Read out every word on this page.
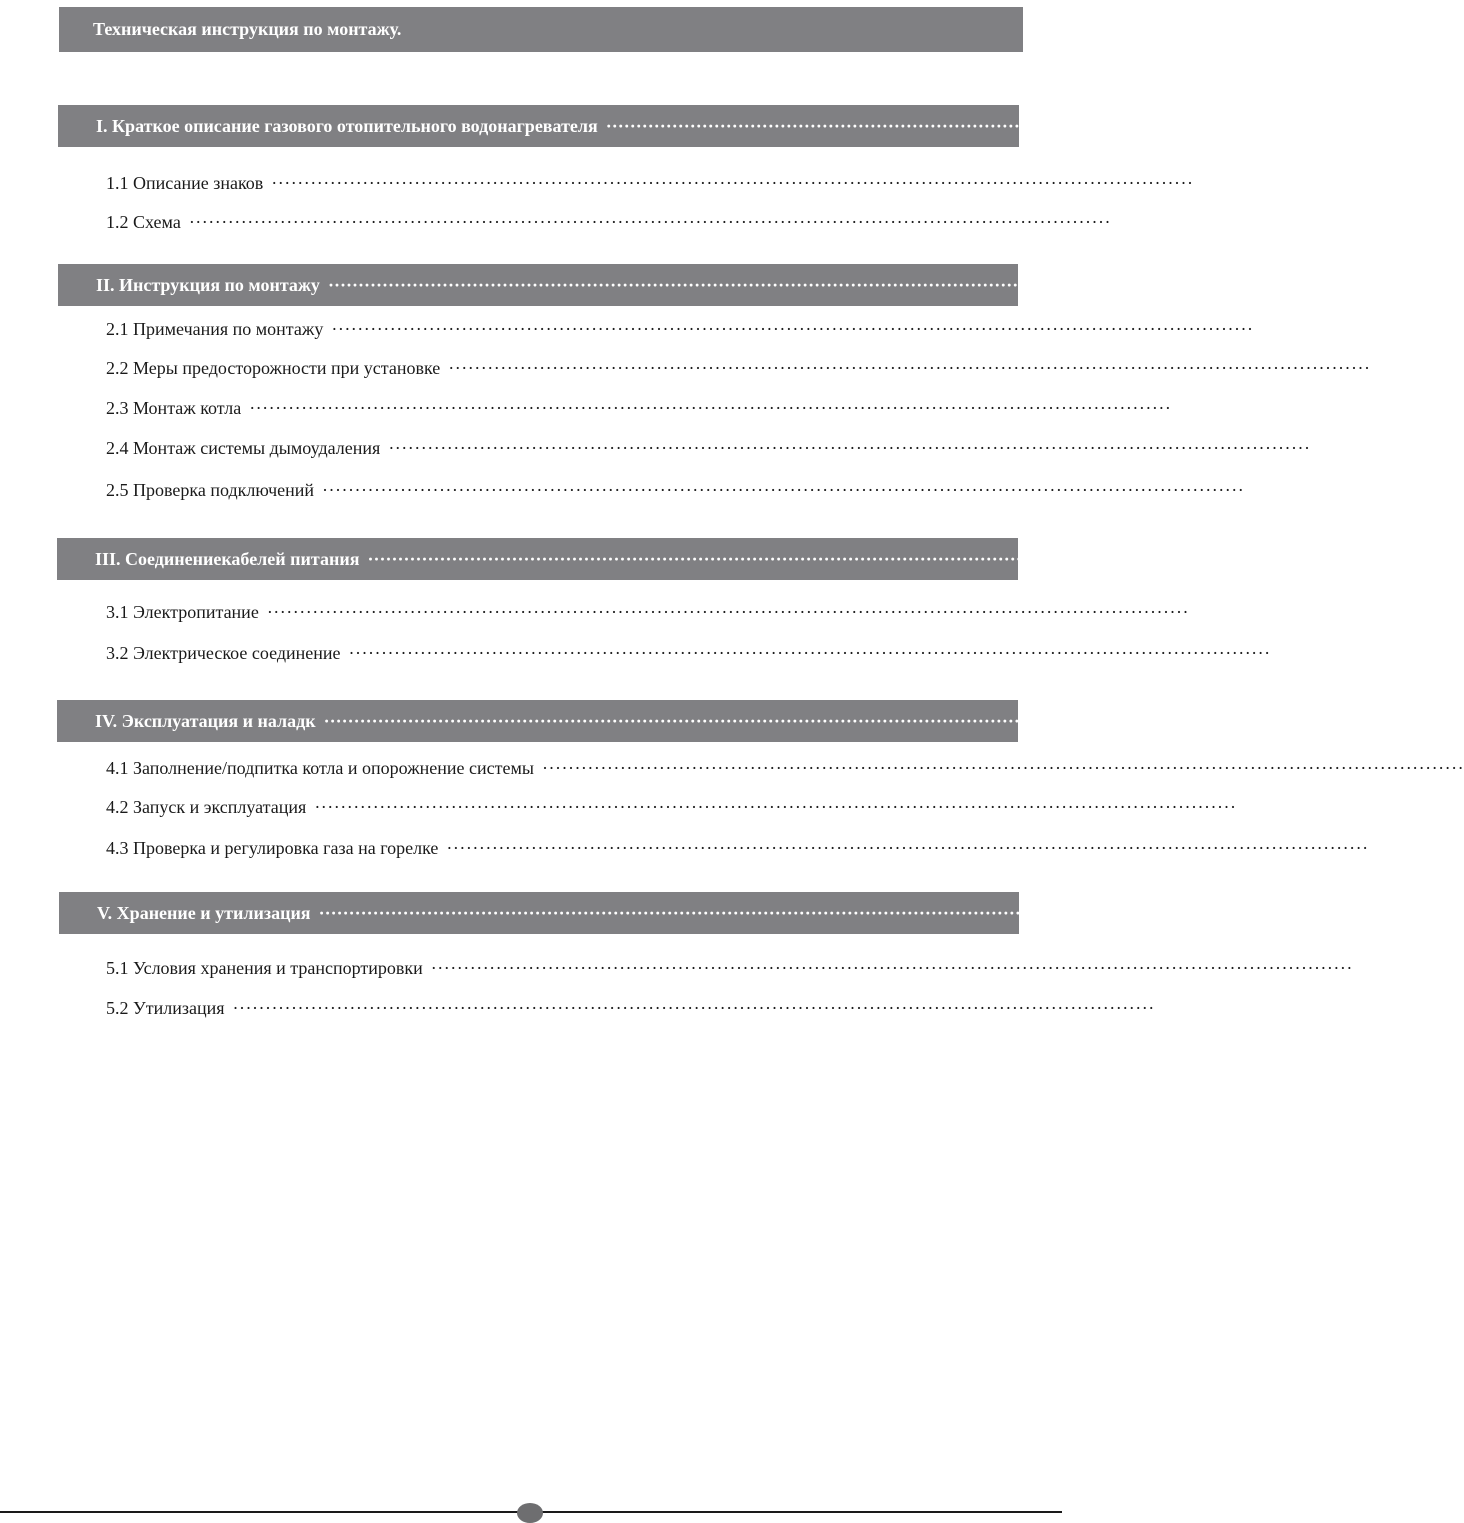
Техническая инструкция по монтажу.
I. Краткое описание газового отопительного водонагревателя ··············································································································································
1.1 Описание знаков ··············································································································································
1.2 Схема ··············································································································································
II. Инструкция по монтажу ··············································································································································
2.1 Примечания по монтажу ··············································································································································
2.2 Меры предосторожности при установке ··············································································································································
2.3 Монтаж котла ··············································································································································
2.4 Монтаж системы дымоудаления ··············································································································································
2.5 Проверка подключений ··············································································································································
III. Соединениекабелей питания ··············································································································································
3.1 Электропитание ··············································································································································
3.2 Электрическое соединение ··············································································································································
IV. Эксплуатация и наладк ··············································································································································
4.1 Заполнение/подпитка котла и опорожнение системы ··············································································································································
4.2 Запуск и эксплуатация ··············································································································································
4.3 Проверка и регулировка газа на горелке ··············································································································································
V. Хранение и утилизация ··············································································································································
5.1 Условия хранения и транспортировки ··············································································································································
5.2 Утилизация ··············································································································································
